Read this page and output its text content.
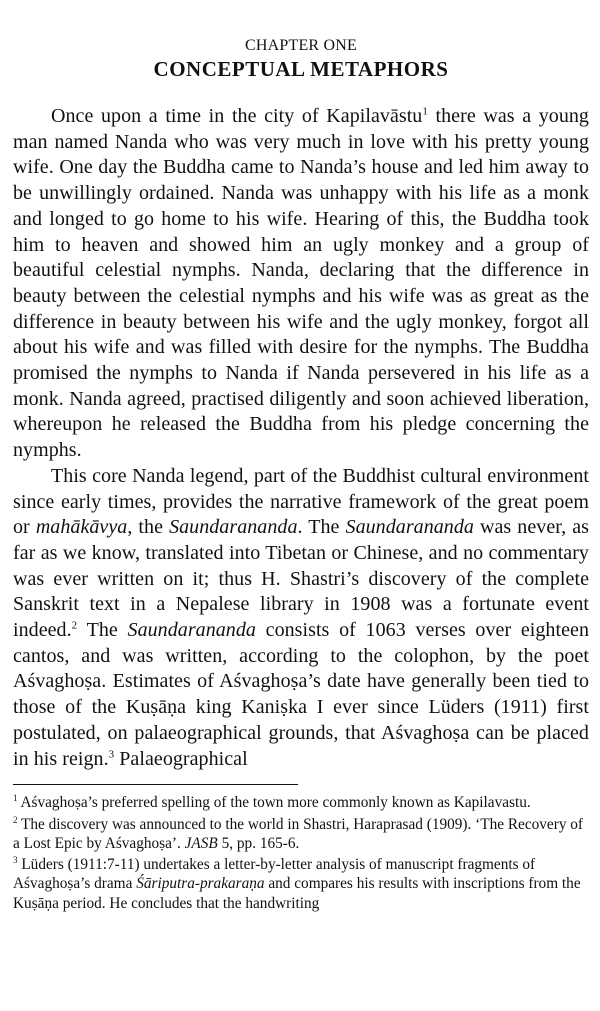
CHAPTER ONE

CONCEPTUAL METAPHORS

Once upon a time in the city of Kapilavāstu$^1$ there was a young man named Nanda who was very much in love with his pretty young wife. One day the Buddha came to Nanda’s house and led him away to be unwillingly ordained. Nanda was unhappy with his life as a monk and longed to go home to his wife. Hearing of this, the Buddha took him to heaven and showed him an ugly monkey and a group of beautiful celestial nymphs. Nanda, declaring that the difference in beauty between the celestial nymphs and his wife was as great as the difference in beauty between his wife and the ugly monkey, forgot all about his wife and was filled with desire for the nymphs. The Buddha promised the nymphs to Nanda if Nanda persevered in his life as a monk. Nanda agreed, practised diligently and soon achieved liberation, whereupon he released the Buddha from his pledge concerning the nymphs.

This core Nanda legend, part of the Buddhist cultural environment since early times, provides the narrative framework of the great poem or mahākāvya, the Saundarananda. The Saundarananda was never, as far as we know, translated into Tibetan or Chinese, and no commentary was ever written on it; thus H. Shastri’s discovery of the complete Sanskrit text in a Nepalese library in 1908 was a fortunate event indeed.$^2$ The Saundarananda consists of 1063 verses over eighteen cantos, and was written, according to the colophon, by the poet Aśvaghoṣa. Estimates of Aśvaghoṣa’s date have generally been tied to those of the Kuṣāṇa king Kaniṣka I ever since Lüders (1911) first postulated, on palaeographical grounds, that Aśvaghoṣa can be placed in his reign.$^3$ Palaeographical

$^1$ Aśvaghoṣa’s preferred spelling of the town more commonly known as Kapilavastu.

$^2$ The discovery was announced to the world in Shastri, Haraprasad (1909). ‘The Recovery of a Lost Epic by Aśvaghoṣa’. JASB 5, pp. 165-6.

$^3$ Lüders (1911:7-11) undertakes a letter-by-letter analysis of manuscript fragments of Aśvaghoṣa’s drama Śāriputra-prakaraṇa and compares his results with inscriptions from the Kuṣāṇa period. He concludes that the handwriting
